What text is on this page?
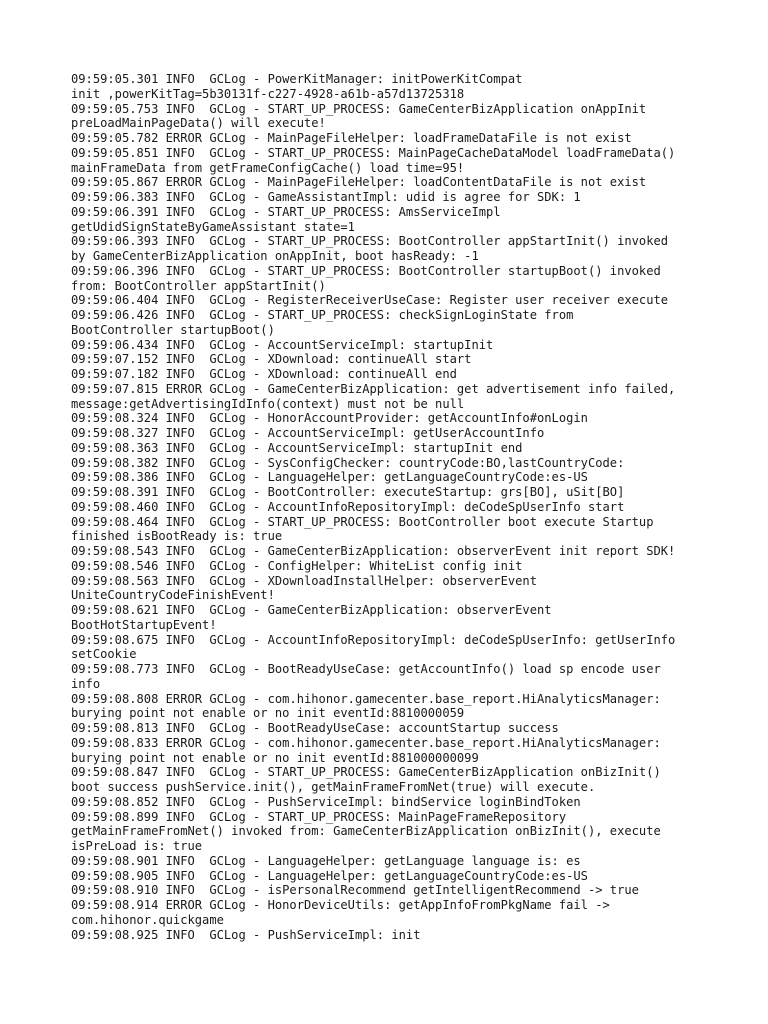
09:59:05.301 INFO  GCLog - PowerKitManager: initPowerKitCompat
init ,powerKitTag=5b30131f-c227-4928-a61b-a57d13725318
09:59:05.753 INFO  GCLog - START_UP_PROCESS: GameCenterBizApplication onAppInit
preLoadMainPageData() will execute!
09:59:05.782 ERROR GCLog - MainPageFileHelper: loadFrameDataFile is not exist
09:59:05.851 INFO  GCLog - START_UP_PROCESS: MainPageCacheDataModel loadFrameData()
mainFrameData from getFrameConfigCache() load time=95!
09:59:05.867 ERROR GCLog - MainPageFileHelper: loadContentDataFile is not exist
09:59:06.383 INFO  GCLog - GameAssistantImpl: udid is agree for SDK: 1
09:59:06.391 INFO  GCLog - START_UP_PROCESS: AmsServiceImpl
getUdidSignStateByGameAssistant state=1
09:59:06.393 INFO  GCLog - START_UP_PROCESS: BootController appStartInit() invoked
by GameCenterBizApplication onAppInit, boot hasReady: -1
09:59:06.396 INFO  GCLog - START_UP_PROCESS: BootController startupBoot() invoked
from: BootController appStartInit()
09:59:06.404 INFO  GCLog - RegisterReceiverUseCase: Register user receiver execute
09:59:06.426 INFO  GCLog - START_UP_PROCESS: checkSignLoginState from
BootController startupBoot()
09:59:06.434 INFO  GCLog - AccountServiceImpl: startupInit
09:59:07.152 INFO  GCLog - XDownload: continueAll start
09:59:07.182 INFO  GCLog - XDownload: continueAll end
09:59:07.815 ERROR GCLog - GameCenterBizApplication: get advertisement info failed,
message:getAdvertisingIdInfo(context) must not be null
09:59:08.324 INFO  GCLog - HonorAccountProvider: getAccountInfo#onLogin
09:59:08.327 INFO  GCLog - AccountServiceImpl: getUserAccountInfo
09:59:08.363 INFO  GCLog - AccountServiceImpl: startupInit end
09:59:08.382 INFO  GCLog - SysConfigChecker: countryCode:BO,lastCountryCode:
09:59:08.386 INFO  GCLog - LanguageHelper: getLanguageCountryCode:es-US
09:59:08.391 INFO  GCLog - BootController: executeStartup: grs[BO], uSit[BO]
09:59:08.460 INFO  GCLog - AccountInfoRepositoryImpl: deCodeSpUserInfo start
09:59:08.464 INFO  GCLog - START_UP_PROCESS: BootController boot execute Startup
finished isBootReady is: true
09:59:08.543 INFO  GCLog - GameCenterBizApplication: observerEvent init report SDK!
09:59:08.546 INFO  GCLog - ConfigHelper: WhiteList config init
09:59:08.563 INFO  GCLog - XDownloadInstallHelper: observerEvent
UniteCountryCodeFinishEvent!
09:59:08.621 INFO  GCLog - GameCenterBizApplication: observerEvent
BootHotStartupEvent!
09:59:08.675 INFO  GCLog - AccountInfoRepositoryImpl: deCodeSpUserInfo: getUserInfo
setCookie
09:59:08.773 INFO  GCLog - BootReadyUseCase: getAccountInfo() load sp encode user
info
09:59:08.808 ERROR GCLog - com.hihonor.gamecenter.base_report.HiAnalyticsManager:
burying point not enable or no init eventId:8810000059
09:59:08.813 INFO  GCLog - BootReadyUseCase: accountStartup success
09:59:08.833 ERROR GCLog - com.hihonor.gamecenter.base_report.HiAnalyticsManager:
burying point not enable or no init eventId:881000000099
09:59:08.847 INFO  GCLog - START_UP_PROCESS: GameCenterBizApplication onBizInit()
boot success pushService.init(), getMainFrameFromNet(true) will execute.
09:59:08.852 INFO  GCLog - PushServiceImpl: bindService loginBindToken
09:59:08.899 INFO  GCLog - START_UP_PROCESS: MainPageFrameRepository
getMainFrameFromNet() invoked from: GameCenterBizApplication onBizInit(), execute
isPreLoad is: true
09:59:08.901 INFO  GCLog - LanguageHelper: getLanguage language is: es
09:59:08.905 INFO  GCLog - LanguageHelper: getLanguageCountryCode:es-US
09:59:08.910 INFO  GCLog - isPersonalRecommend getIntelligentRecommend -> true
09:59:08.914 ERROR GCLog - HonorDeviceUtils: getAppInfoFromPkgName fail ->
com.hihonor.quickgame
09:59:08.925 INFO  GCLog - PushServiceImpl: init
